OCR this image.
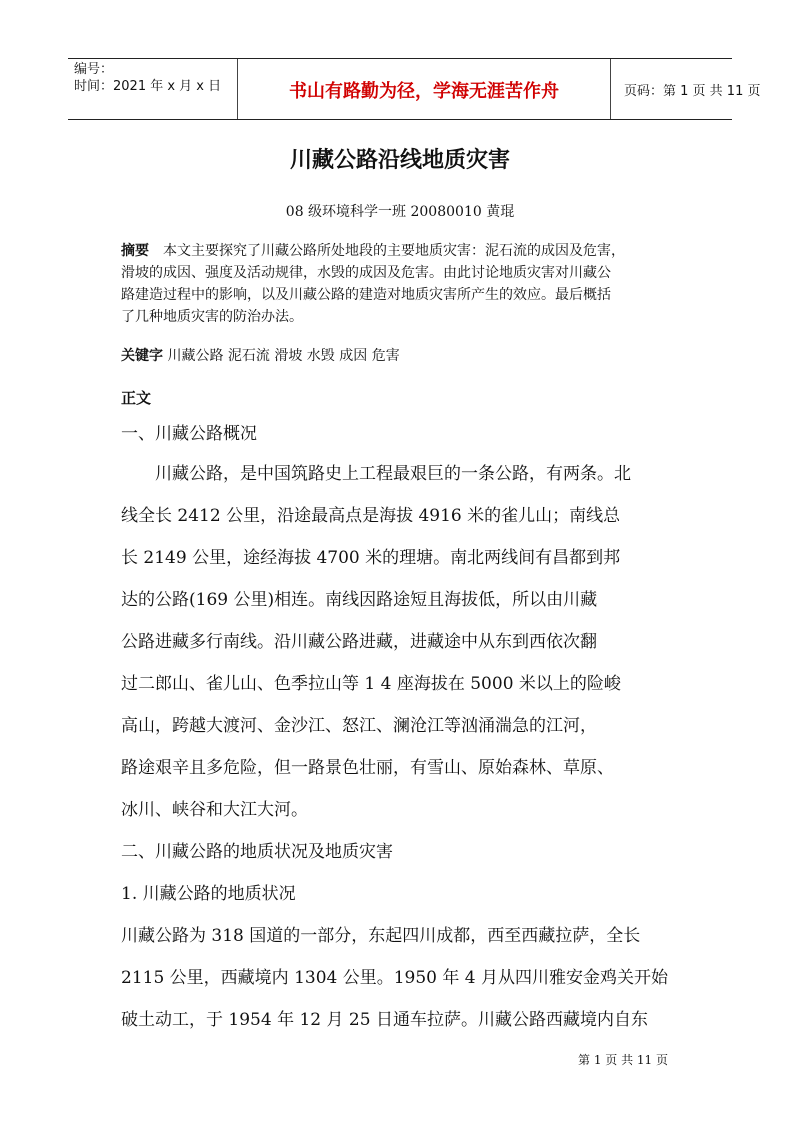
编号：
时间：2021 年 x 月 x 日	书山有路勤为径，学海无涯苦作舟	页码：第 1 页 共 11 页
川藏公路沿线地质灾害
08 级环境科学一班 20080010 黄琨
摘要　 本文主要探究了川藏公路所处地段的主要地质灾害：泥石流的成因及危害，
滑坡的成因、强度及活动规律，水毁的成因及危害。由此讨论地质灾害对川藏公
路建造过程中的影响，以及川藏公路的建造对地质灾害所产生的效应。最后概括
了几种地质灾害的防治办法。
关键字 川藏公路 泥石流 滑坡 水毁 成因 危害
正文
一、川藏公路概况
　　川藏公路，是中国筑路史上工程最艰巨的一条公路，有两条。北
线全长 2412 公里，沿途最高点是海拔 4916 米的雀儿山；南线总
长 2149 公里，途经海拔 4700 米的理塘。南北两线间有昌都到邦
达的公路(169 公里)相连。南线因路途短且海拔低，所以由川藏
公路进藏多行南线。沿川藏公路进藏，进藏途中从东到西依次翻
过二郎山、雀儿山、色季拉山等 1 4 座海拔在 5000 米以上的险峻
高山，跨越大渡河、金沙江、怒江、澜沧江等汹涌湍急的江河，
路途艰辛且多危险，但一路景色壮丽，有雪山、原始森林、草原、
冰川、峡谷和大江大河。
二、川藏公路的地质状况及地质灾害
1. 川藏公路的地质状况
川藏公路为 318 国道的一部分，东起四川成都，西至西藏拉萨，全长
2115 公里，西藏境内 1304 公里。1950 年 4 月从四川雅安金鸡关开始
破土动工，于 1954 年 12 月 25 日通车拉萨。川藏公路西藏境内自东
第 1 页 共 11 页
